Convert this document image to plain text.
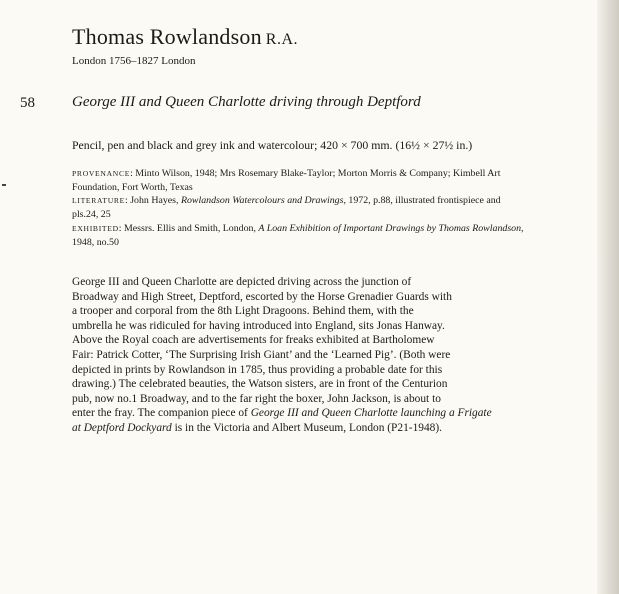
Thomas Rowlandson R.A.
London 1756–1827 London
58 George III and Queen Charlotte driving through Deptford
Pencil, pen and black and grey ink and watercolour; 420 × 700 mm. (16½ × 27½ in.)

PROVENANCE: Minto Wilson, 1948; Mrs Rosemary Blake-Taylor; Morton Morris & Company; Kimbell Art Foundation, Fort Worth, Texas

LITERATURE: John Hayes, Rowlandson Watercolours and Drawings, 1972, p.88, illustrated frontispiece and pls.24, 25

EXHIBITED: Messrs. Ellis and Smith, London, A Loan Exhibition of Important Drawings by Thomas Rowlandson, 1948, no.50

George III and Queen Charlotte are depicted driving across the junction of
Broadway and High Street, Deptford, escorted by the Horse Grenadier Guards with
a trooper and corporal from the 8th Light Dragoons. Behind them, with the
umbrella he was ridiculed for having introduced into England, sits Jonas Hanway.
Above the Royal coach are advertisements for freaks exhibited at Bartholomew
Fair: Patrick Cotter, ‘The Surprising Irish Giant’ and the ‘Learned Pig’. (Both were
depicted in prints by Rowlandson in 1785, thus providing a probable date for this
drawing.) The celebrated beauties, the Watson sisters, are in front of the Centurion
pub, now no.1 Broadway, and to the far right the boxer, John Jackson, is about to
enter the fray. The companion piece of George III and Queen Charlotte launching a Frigate
at Deptford Dockyard is in the Victoria and Albert Museum, London (P21-1948).
